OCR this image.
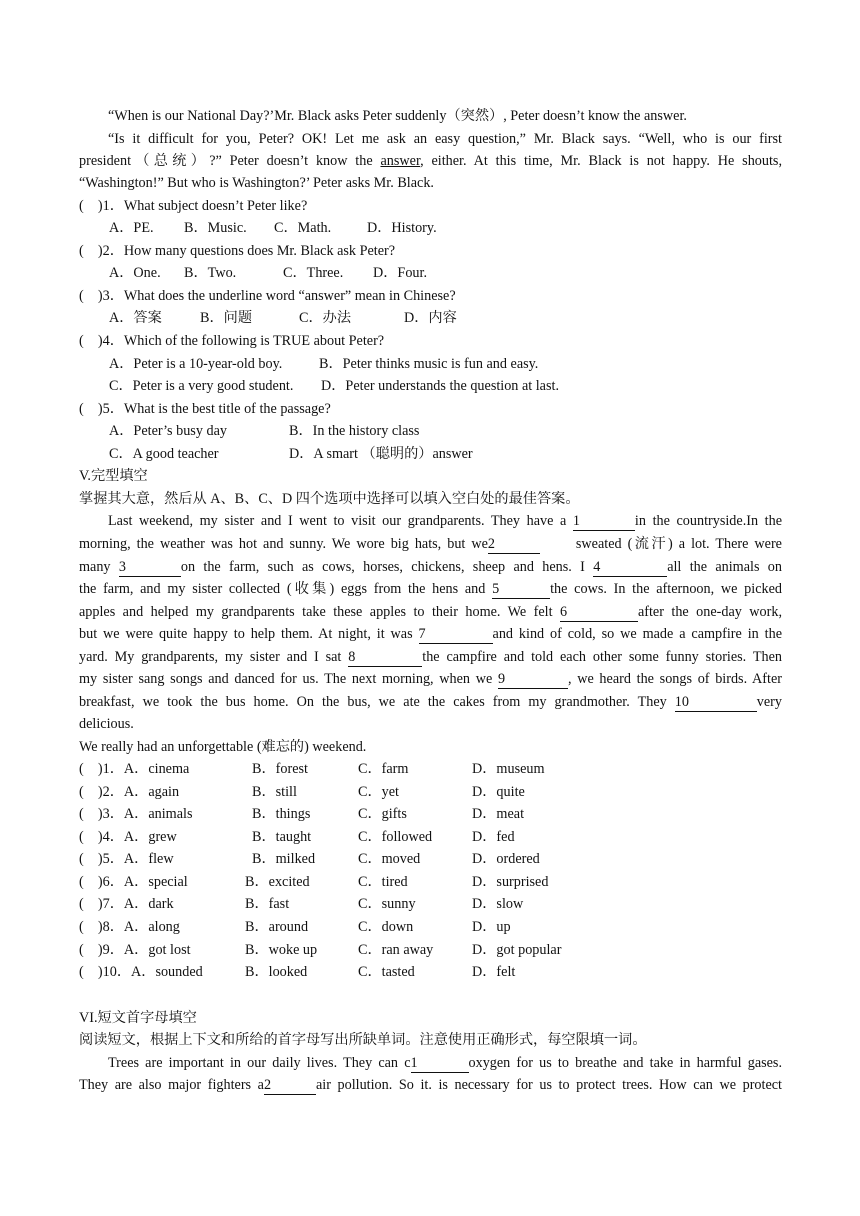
“When is our National Day?’Mr. Black asks Peter suddenly（突然）, Peter doesn’t know the answer.
“Is it difficult for you, Peter? OK! Let me ask an easy question,” Mr. Black says. “Well, who is our first
president（总统）?” Peter doesn’t know the answer, either. At this time, Mr. Black is not happy. He shouts,
“Washington!” But who is Washington?’ Peter asks Mr. Black.
(    )1．What subject doesn’t Peter like?
A．PE. B．Music. C．Math.	D．History.
(    )2．How many questions does Mr. Black ask Peter?
A．One. B．Two.	C．Three. D．Four.
(    )3．What does the underline word “answer” mean in Chinese?
A．答案	B．问题	C．办法	D．内容
(    )4．Which of the following is TRUE about Peter?
A．Peter is a 10-year-old boy.	B．Peter thinks music is fun and easy.
C．Peter is a very good student. D．Peter understands the question at last.
(    )5．What is the best title of the passage?
A．Peter’s busy day	B．In the history class
C．A good teacher	D．A smart （聪明的）answer
V.完型填空
掌握其大意，然后从 A、B、C、D 四个选项中选择可以填入空白处的最佳答案。
Last weekend, my sister and I went to visit our grandparents. They have a 1	in the countryside.In the
morning, the weather was hot and sunny. We wore big hats, but we2	sweated (流汗) a lot. There were
many 3	on the farm, such as cows, horses, chickens, sheep and hens. I 4	all the animals on
the farm, and my sister collected (收集) eggs from the hens and 5	the cows. In the afternoon, we picked
apples and helped my grandparents take these apples to their home. We felt 6	after the one-day work,
but we were quite happy to help them. At night, it was 7	and kind of cold, so we made a campfire in the
yard. My grandparents, my sister and I sat 8	the campfire and told each other some funny stories. Then
my sister sang songs and danced for us. The next morning, when we 9	, we heard the songs of birds. After
breakfast, we took the bus home. On the bus, we ate the cakes from my grandmother. They 10	very
delicious.
We really had an unforgettable (难忘的) weekend.
(    )1．A．cinema	B．forest	C．farm	D．museum
(    )2．A．again	B．still	C．yet	D．quite
(    )3．A．animals	B．things	C．gifts	D．meat
(    )4．A．grew	B．taught	C．followed	D．fed
(    )5．A．flew	B．milked	C．moved	D．ordered
(    )6．A．special	B．excited	C．tired	D．surprised
(    )7．A．dark	B．fast	C．sunny	D．slow
(    )8．A．along	B．around	C．down	D．up
(    )9．A．got lost	B．woke up	C．ran away	D．got popular
(    )10．A．sounded	B．looked	C．tasted	D．felt
VI.短文首字母填空
阅读短文，根据上下文和所给的首字母写出所缺单词。注意使用正确形式，每空限填一词。
Trees are important in our daily lives. They can c1	oxygen for us to breathe and take in harmful gases.
They are also major fighters a2	air pollution. So it. is necessary for us to protect trees. How can we protect
